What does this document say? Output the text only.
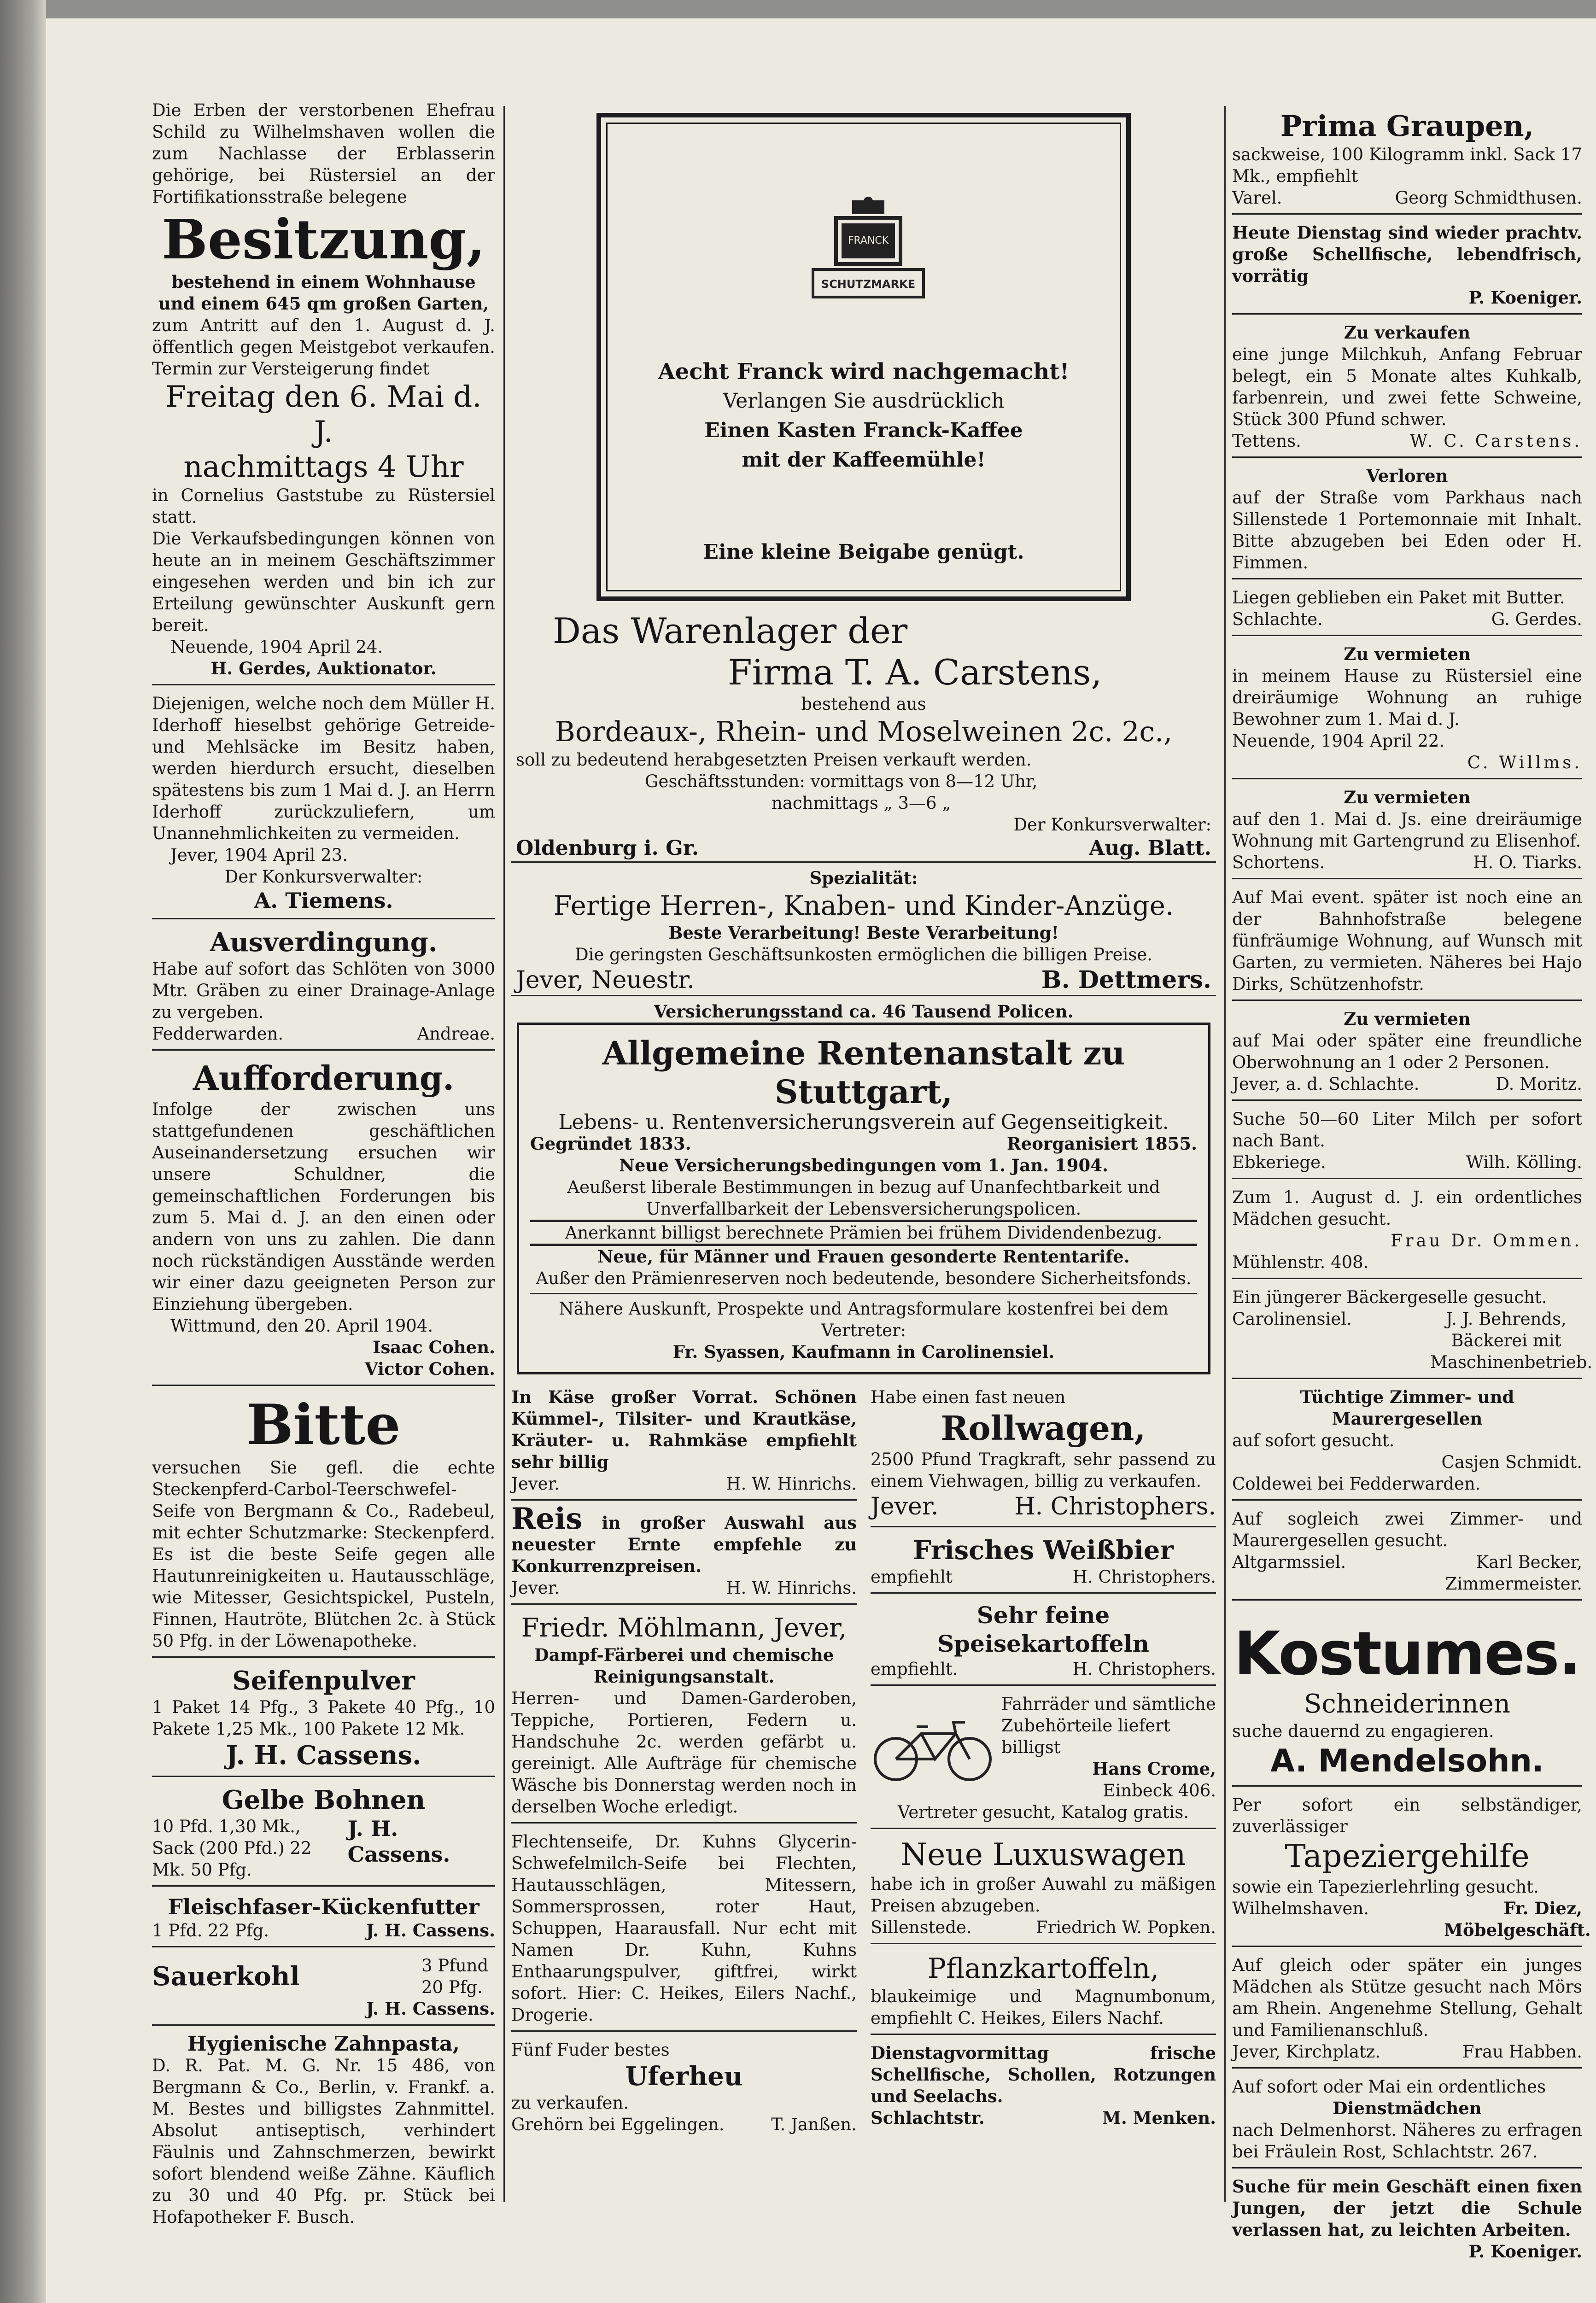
Die Erben der verstorbenen Ehefrau Schild zu Wilhelmshaven wollen die zum Nachlasse der Erblasserin gehörige, bei Rüstersiel an der Fortifikationsstraße belegene

Besitzung,

bestehend in einem Wohnhause und einem 645 qm großen Garten,

zum Antritt auf den 1. August d. J. öffentlich gegen Meistgebot verkaufen. Termin zur Versteigerung findet

Freitag den 6. Mai d. J.

nachmittags 4 Uhr

in Cornelius Gaststube zu Rüstersiel statt.

Die Verkaufsbedingungen können von heute an in meinem Geschäftszimmer eingesehen werden und bin ich zur Erteilung gewünschter Auskunft gern bereit.

Neuende, 1904 April 24.

H. Gerdes, Auktionator.

Diejenigen, welche noch dem Müller H. Iderhoff hieselbst gehörige Getreide- und Mehlsäcke im Besitz haben, werden hierdurch ersucht, dieselben spätestens bis zum 1 Mai d. J. an Herrn Iderhoff zurückzuliefern, um Unannehmlichkeiten zu vermeiden.

Jever, 1904 April 23.

Der Konkursverwalter:

A. Tiemens.

Ausverdingung.

Habe auf sofort das Schlöten von 3000 Mtr. Gräben zu einer Drainage-Anlage zu vergeben.

Fedderwarden.	Andreae.

Aufforderung.

Infolge der zwischen uns stattgefundenen geschäftlichen Auseinandersetzung ersuchen wir unsere Schuldner, die gemeinschaftlichen Forderungen bis zum 5. Mai d. J. an den einen oder andern von uns zu zahlen. Die dann noch rückständigen Ausstände werden wir einer dazu geeigneten Person zur Einziehung übergeben.

Wittmund, den 20. April 1904.

Isaac Cohen.

Victor Cohen.

Bitte

versuchen Sie gefl. die echte Steckenpferd-Carbol-Teerschwefel-Seife von Bergmann & Co., Radebeul, mit echter Schutzmarke: Steckenpferd. Es ist die beste Seife gegen alle Hautunreinigkeiten u. Hautausschläge, wie Mitesser, Gesichtspickel, Pusteln, Finnen, Hautröte, Blütchen 2c. à Stück 50 Pfg. in der Löwenapotheke.

Seifenpulver

1 Paket 14 Pfg., 3 Pakete 40 Pfg., 10 Pakete 1,25 Mk., 100 Pakete 12 Mk.

J. H. Cassens.

Gelbe Bohnen

10 Pfd. 1,30 Mk., Sack (200 Pfd.) 22 Mk. 50 Pfg.
J. H. Cassens.

Fleischfaser-Kückenfutter

1 Pfd. 22 Pfg.	J. H. Cassens.
Sauerkohl	3 Pfund 20 Pfg.

J. H. Cassens.

Hygienische Zahnpasta,

D. R. Pat. M. G. Nr. 15 486, von Bergmann & Co., Berlin, v. Frankf. a. M. Bestes und billigstes Zahnmittel. Absolut antiseptisch, verhindert Fäulnis und Zahnschmerzen, bewirkt sofort blendend weiße Zähne. Käuflich zu 30 und 40 Pfg. pr. Stück bei Hofapotheker F. Busch.

FRANCK
SCHUTZMARKE
Aecht Franck wird nachgemacht!
Verlangen Sie ausdrücklich
Einen Kasten Franck-Kaffee
mit der Kaffeemühle!
Eine kleine Beigabe genügt.

Das Warenlager der

Firma T. A. Carstens,

bestehend aus

Bordeaux-, Rhein- und Moselweinen 2c. 2c.,

soll zu bedeutend herabgesetzten Preisen verkauft werden.

Geschäftsstunden: vormittags von 8—12 Uhr,

nachmittags „ 3—6 „

Der Konkursverwalter:

Oldenburg i. Gr.	Aug. Blatt.

Spezialität:

Fertige Herren-, Knaben- und Kinder-Anzüge.

Beste Verarbeitung! Beste Verarbeitung!

Die geringsten Geschäftsunkosten ermöglichen die billigen Preise.

Jever, Neuestr.	B. Dettmers.

Versicherungsstand ca. 46 Tausend Policen.

Allgemeine Rentenanstalt zu Stuttgart,

Lebens- u. Rentenversicherungsverein auf Gegenseitigkeit.

Gegründet 1833.	Reorganisiert 1855.

Neue Versicherungsbedingungen vom 1. Jan. 1904.

Aeußerst liberale Bestimmungen in bezug auf Unanfechtbarkeit und Unverfallbarkeit der Lebensversicherungspolicen.

Anerkannt billigst berechnete Prämien bei frühem Dividendenbezug.

Neue, für Männer und Frauen gesonderte Rententarife.

Außer den Prämienreserven noch bedeutende, besondere Sicherheitsfonds.

Nähere Auskunft, Prospekte und Antragsformulare kostenfrei bei dem Vertreter:

Fr. Syassen, Kaufmann in Carolinensiel.

In Käse großer Vorrat. Schönen Kümmel-, Tilsiter- und Krautkäse, Kräuter- u. Rahmkäse empfiehlt sehr billig

Jever.	H. W. Hinrichs.

Reis in großer Auswahl aus neuester Ernte empfehle zu Konkurrenzpreisen.

Jever.	H. W. Hinrichs.

Friedr. Möhlmann, Jever,

Dampf-Färberei und chemische Reinigungsanstalt.

Herren- und Damen-Garderoben, Teppiche, Portieren, Federn u. Handschuhe 2c. werden gefärbt u. gereinigt. Alle Aufträge für chemische Wäsche bis Donnerstag werden noch in derselben Woche erledigt.

Flechtenseife, Dr. Kuhns Glycerin-Schwefelmilch-Seife bei Flechten, Hautausschlägen, Mitessern, Sommersprossen, roter Haut, Schuppen, Haarausfall. Nur echt mit Namen Dr. Kuhn, Kuhns Enthaarungspulver, giftfrei, wirkt sofort. Hier: C. Heikes, Eilers Nachf., Drogerie.

Fünf Fuder bestes

Uferheu

zu verkaufen.

Grehörn bei Eggelingen.	T. Janßen.

Habe einen fast neuen

Rollwagen,

2500 Pfund Tragkraft, sehr passend zu einem Viehwagen, billig zu verkaufen.

Jever.	H. Christophers.

Frisches Weißbier

empfiehlt	H. Christophers.

Sehr feine Speisekartoffeln

empfiehlt.	H. Christophers.

Fahrräder und sämtliche Zubehörteile liefert billigst

Hans Crome,

Einbeck 406.

Vertreter gesucht, Katalog gratis.

Neue Luxuswagen

habe ich in großer Auwahl zu mäßigen Preisen abzugeben.

Sillenstede.	Friedrich W. Popken.

Pflanzkartoffeln,

blaukeimige und Magnumbonum, empfiehlt C. Heikes, Eilers Nachf.

Dienstagvormittag frische Schellfische, Schollen, Rotzungen und Seelachs.

Schlachtstr.	M. Menken.

Prima Graupen,

sackweise, 100 Kilogramm inkl. Sack 17 Mk., empfiehlt

Varel.	Georg Schmidthusen.

Heute Dienstag sind wieder prachtv. große Schellfische, lebendfrisch, vorrätig

P. Koeniger.

Zu verkaufen

eine junge Milchkuh, Anfang Februar belegt, ein 5 Monate altes Kuhkalb, farbenrein, und zwei fette Schweine, Stück 300 Pfund schwer.

Tettens.	W. C. Carstens.

Verloren

auf der Straße vom Parkhaus nach Sillenstede 1 Portemonnaie mit Inhalt. Bitte abzugeben bei Eden oder H. Fimmen.

Liegen geblieben ein Paket mit Butter.

Schlachte.	G. Gerdes.

Zu vermieten

in meinem Hause zu Rüstersiel eine dreiräumige Wohnung an ruhige Bewohner zum 1. Mai d. J.

Neuende, 1904 April 22.

C. Willms.

Zu vermieten

auf den 1. Mai d. Js. eine dreiräumige Wohnung mit Gartengrund zu Elisenhof.

Schortens.	H. O. Tiarks.

Auf Mai event. später ist noch eine an der Bahnhofstraße belegene fünfräumige Wohnung, auf Wunsch mit Garten, zu vermieten. Näheres bei Hajo Dirks, Schützenhofstr.

Zu vermieten

auf Mai oder später eine freundliche Oberwohnung an 1 oder 2 Personen.

Jever, a. d. Schlachte.	D. Moritz.

Suche 50—60 Liter Milch per sofort nach Bant.

Ebkeriege.	Wilh. Kölling.

Zum 1. August d. J. ein ordentliches Mädchen gesucht.

Frau Dr. Ommen.

Mühlenstr. 408.

Ein jüngerer Bäckergeselle gesucht.

Carolinensiel.	J. J. Behrends, Bäckerei mit Maschinenbetrieb.

Tüchtige Zimmer- und Maurergesellen

auf sofort gesucht.

Casjen Schmidt.

Coldewei bei Fedderwarden.

Auf sogleich zwei Zimmer- und Maurergesellen gesucht.

Altgarmssiel.	Karl Becker, Zimmermeister.

Kostumes.

Schneiderinnen

suche dauernd zu engagieren.

A. Mendelsohn.

Per sofort ein selbständiger, zuverlässiger

Tapeziergehilfe

sowie ein Tapezierlehrling gesucht.

Wilhelmshaven.	Fr. Diez, Möbelgeschäft.

Auf gleich oder später ein junges Mädchen als Stütze gesucht nach Mörs am Rhein. Angenehme Stellung, Gehalt und Familienanschluß.

Jever, Kirchplatz.	Frau Habben.

Auf sofort oder Mai ein ordentliches

Dienstmädchen

nach Delmenhorst. Näheres zu erfragen bei Fräulein Rost, Schlachtstr. 267.

Suche für mein Geschäft einen fixen Jungen, der jetzt die Schule verlassen hat, zu leichten Arbeiten.

P. Koeniger.
